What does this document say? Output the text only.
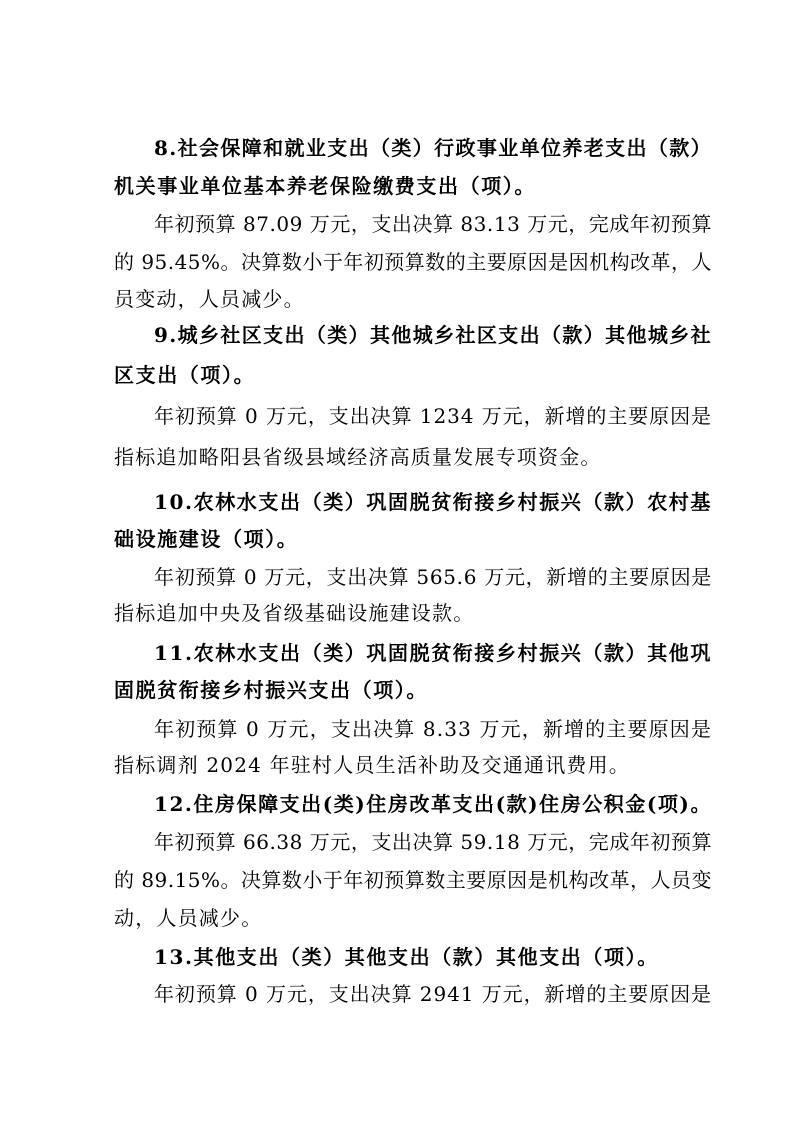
8.社会保障和就业支出（类）行政事业单位养老支出（款）
机关事业单位基本养老保险缴费支出（项）。
年初预算 87.09 万元，支出决算 83.13 万元，完成年初预算
的 95.45%。决算数小于年初预算数的主要原因是因机构改革，人
员变动，人员减少。
9.城乡社区支出（类）其他城乡社区支出（款）其他城乡社
区支出（项）。
年初预算 0 万元，支出决算 1234 万元，新增的主要原因是
指标追加略阳县省级县域经济高质量发展专项资金。
10.农林水支出（类）巩固脱贫衔接乡村振兴（款）农村基
础设施建设（项）。
年初预算 0 万元，支出决算 565.6 万元，新增的主要原因是
指标追加中央及省级基础设施建设款。
11.农林水支出（类）巩固脱贫衔接乡村振兴（款）其他巩
固脱贫衔接乡村振兴支出（项）。
年初预算 0 万元，支出决算 8.33 万元，新增的主要原因是
指标调剂 2024 年驻村人员生活补助及交通通讯费用。
12.住房保障支出(类)住房改革支出(款)住房公积金(项)。
年初预算 66.38 万元，支出决算 59.18 万元，完成年初预算
的 89.15%。决算数小于年初预算数主要原因是机构改革，人员变
动，人员减少。
13.其他支出（类）其他支出（款）其他支出（项）。
年初预算 0 万元，支出决算 2941 万元，新增的主要原因是
